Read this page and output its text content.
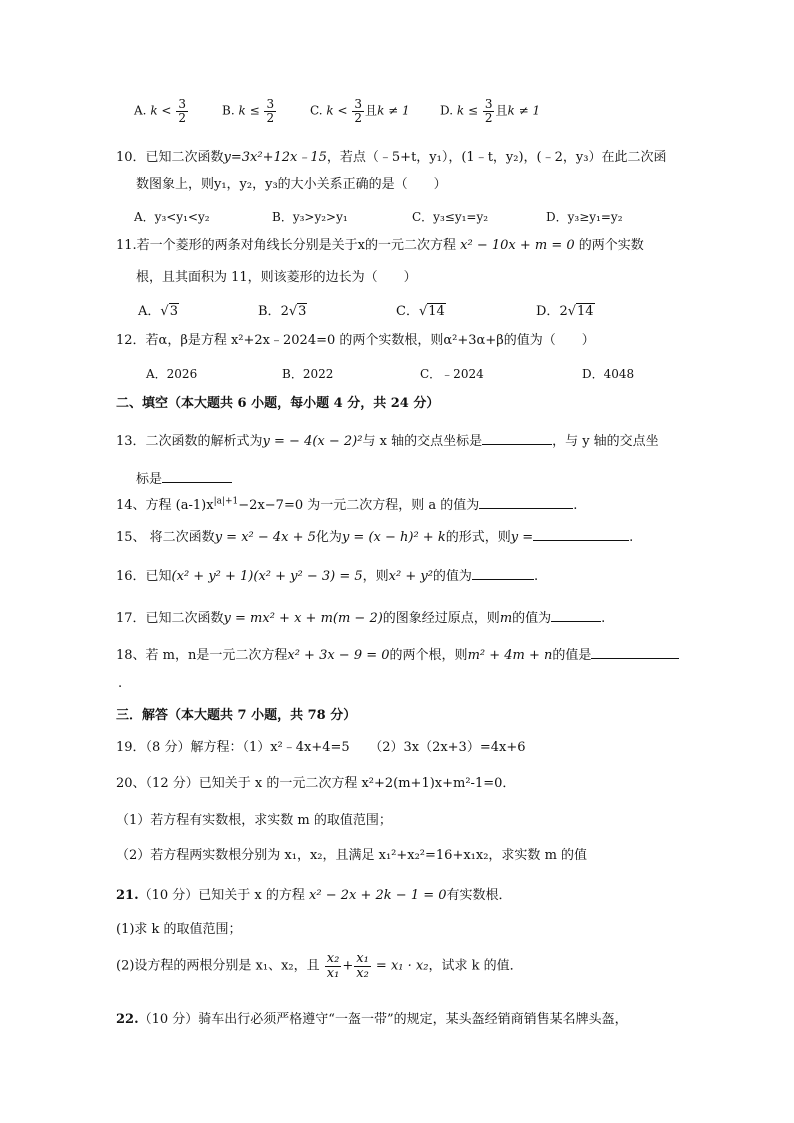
A. $k < \frac{3}{2}$	B. $k \le \frac{3}{2}$	C. $k < \frac{3}{2}$ 且k ≠ 1	D. $k \le \frac{3}{2}$ 且k ≠ 1
10．已知二次函数y=3x²+12x﹣15，若点（﹣5+t，y₁），(1﹣t，y₂)，(﹣2，y₃）在此二次函
数图象上，则y₁，y₂，y₃的大小关系正确的是（　　）
A．y₃<y₁<y₂	B．y₃>y₂>y₁	C．y₃≤y₁=y₂	D．y₃≥y₁=y₂
11.若一个菱形的两条对角线长分别是关于x的一元二次方程 x² − 10x + m = 0 的两个实数
根，且其面积为 11，则该菱形的边长为（　　）
A．√3	B．2√3	C．√14	D．2√14
12．若α，β是方程 x²+2x﹣2024=0 的两个实数根，则α²+3α+β的值为（　　）
A．2026	B．2022	C．﹣2024	D．4048
二、填空（本大题共 6 小题，每小题 4 分，共 24 分）
13．二次函数的解析式为y = − 4(x − 2)²与 x 轴的交点坐标是	，与 y 轴的交点坐
标是
14、方程 $(a-1)x^{|a|+1}-2x-7=0$ 为一元二次方程，则 a 的值为	.
15、 将二次函数y = x² − 4x + 5化为y = (x − h)² + k的形式，则y =	.
16．已知(x² + y² + 1)(x² + y² − 3) = 5，则x² + y²的值为	.
17．已知二次函数y = mx² + x + m(m − 2)的图象经过原点，则m的值为	.
18、若 m，n是一元二次方程x² + 3x − 9 = 0的两个根，则m² + 4m + n的值是
.
三．解答（本大题共 7 小题，共 78 分）
19．（8 分）解方程：（1）x²﹣4x+4=5　　（2）3x（2x+3）=4x+6
20、（12 分）已知关于 x 的一元二次方程 x²+2(m+1)x+m²-1=0．
（1）若方程有实数根，求实数 m 的取值范围；
（2）若方程两实数根分别为 x₁，x₂，且满足 x₁²+x₂²=16+x₁x₂，求实数 m 的值
21.（10 分）已知关于 x 的方程 x² − 2x + 2k − 1 = 0有实数根．
(1)求 k 的取值范围；
(2)设方程的两根分别是 x₁、x₂，且 $\frac{\text{x₂}}{\text{x₁}} + \frac{\text{x₁}}{\text{x₂}} = x_1 \cdot x_2$，试求 k 的值．
22.（10 分）骑车出行必须严格遵守“一盔一带”的规定，某头盔经销商销售某名牌头盔，
